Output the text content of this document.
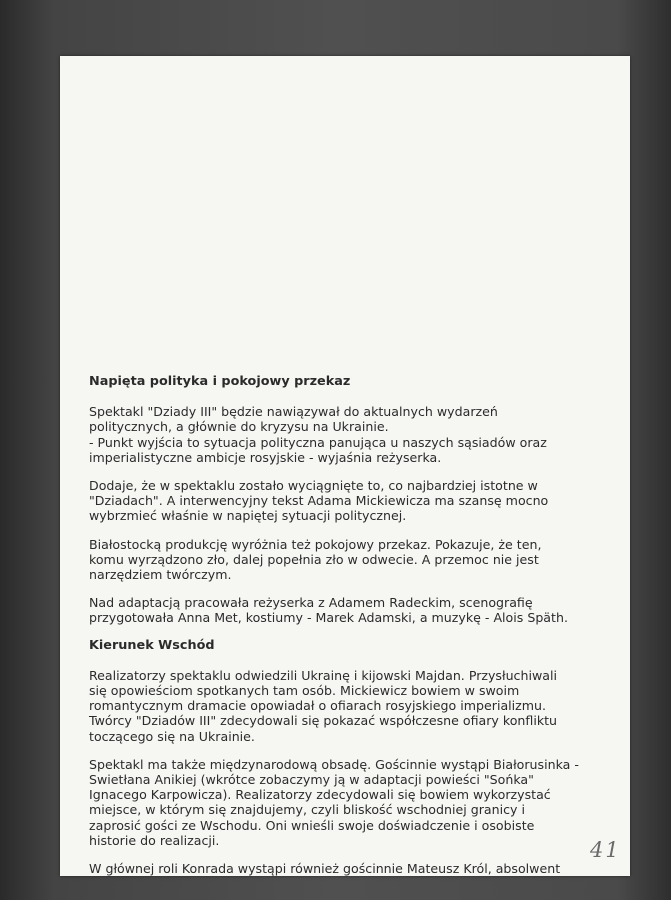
Napięta polityka i pokojowy przekaz
Spektakl "Dziady III" będzie nawiązywał do aktualnych wydarzeń
politycznych, a głównie do kryzysu na Ukrainie.
- Punkt wyjścia to sytuacja polityczna panująca u naszych sąsiadów oraz
imperialistyczne ambicje rosyjskie - wyjaśnia reżyserka.
Dodaje, że w spektaklu zostało wyciągnięte to, co najbardziej istotne w
"Dziadach". A interwencyjny tekst Adama Mickiewicza ma szansę mocno
wybrzmieć właśnie w napiętej sytuacji politycznej.
Białostocką produkcję wyróżnia też pokojowy przekaz. Pokazuje, że ten,
komu wyrządzono zło, dalej popełnia zło w odwecie. A przemoc nie jest
narzędziem twórczym.
Nad adaptacją pracowała reżyserka z Adamem Radeckim, scenografię
przygotowała Anna Met, kostiumy - Marek Adamski, a muzykę - Alois Späth.
Kierunek Wschód
Realizatorzy spektaklu odwiedzili Ukrainę i kijowski Majdan. Przysłuchiwali
się opowieściom spotkanych tam osób. Mickiewicz bowiem w swoim
romantycznym dramacie opowiadał o ofiarach rosyjskiego imperializmu.
Twórcy "Dziadów III" zdecydowali się pokazać współczesne ofiary konfliktu
toczącego się na Ukrainie.
Spektakl ma także międzynarodową obsadę. Gościnnie wystąpi Białorusinka -
Swietłana Anikiej (wkrótce zobaczymy ją w adaptacji powieści "Sońka"
Ignacego Karpowicza). Realizatorzy zdecydowali się bowiem wykorzystać
miejsce, w którym się znajdujemy, czyli bliskość wschodniej granicy i
zaprosić gości ze Wschodu. Oni wnieśli swoje doświadczenie i osobiste
historie do realizacji.
W głównej roli Konrada wystąpi również gościnnie Mateusz Król, absolwent
41
